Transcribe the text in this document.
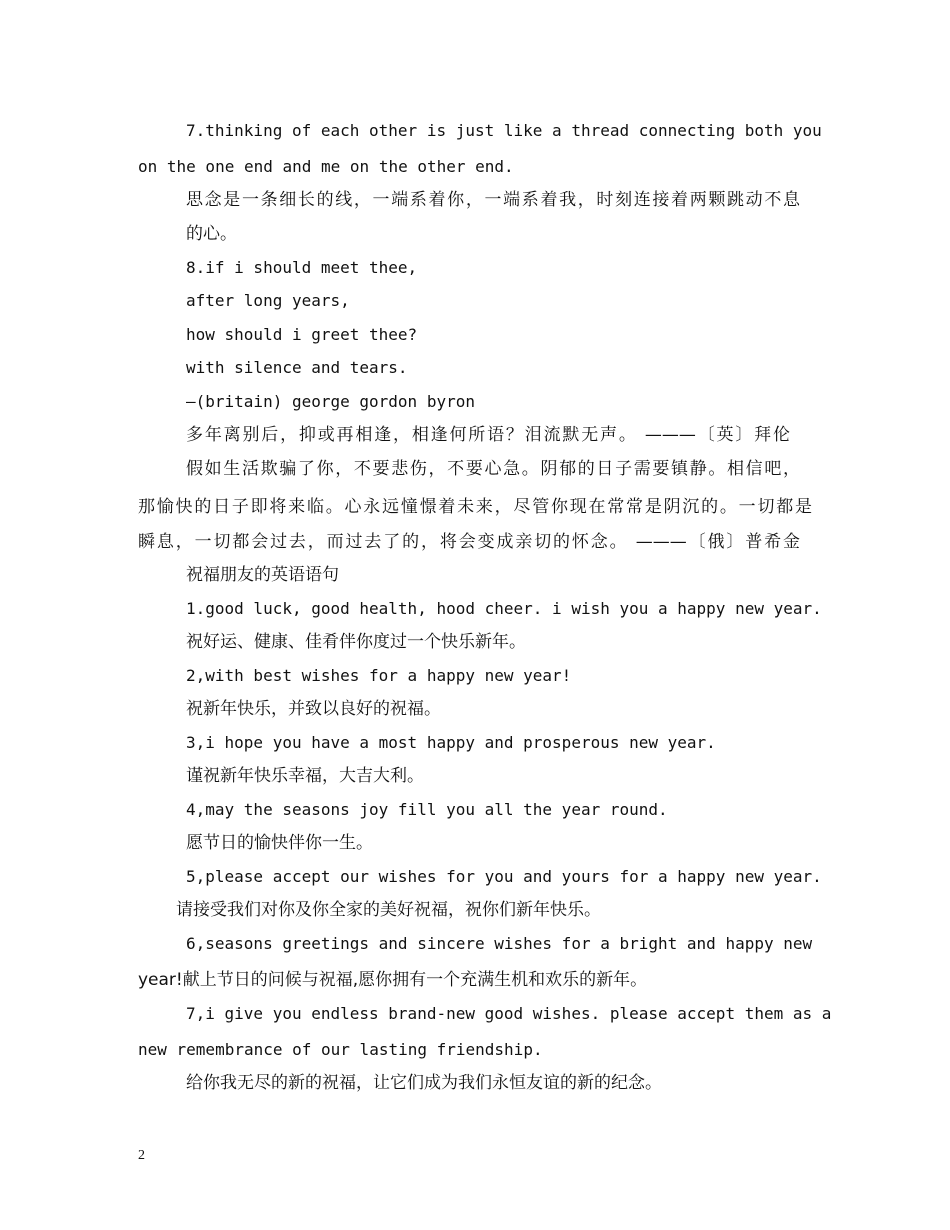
7.thinking of each other is just like a thread connecting both you
on the one end and me on the other end.
思念是一条细长的线，一端系着你，一端系着我，时刻连接着两颗跳动不息
的心。
8.if i should meet thee,
after long years,
how should i greet thee?
with silence and tears.
—(britain) george gordon byron
多年离别后，抑或再相逢，相逢何所语？泪流默无声。 ———〔英〕拜伦
假如生活欺骗了你，不要悲伤，不要心急。阴郁的日子需要镇静。相信吧，
那愉快的日子即将来临。心永远憧憬着未来，尽管你现在常常是阴沉的。一切都是
瞬息，一切都会过去，而过去了的，将会变成亲切的怀念。 ———〔俄〕普希金
祝福朋友的英语语句
1.good luck, good health, hood cheer. i wish you a happy new year.
祝好运、健康、佳肴伴你度过一个快乐新年。
2,with best wishes for a happy new year!
祝新年快乐，并致以良好的祝福。
3,i hope you have a most happy and prosperous new year.
谨祝新年快乐幸福，大吉大利。
4,may the seasons joy fill you all the year round.
愿节日的愉快伴你一生。
5,please accept our wishes for you and yours for a happy new year.
请接受我们对你及你全家的美好祝福，祝你们新年快乐。
6,seasons greetings and sincere wishes for a bright and happy new
year!献上节日的问候与祝福,愿你拥有一个充满生机和欢乐的新年。
7,i give you endless brand-new good wishes. please accept them as a
new remembrance of our lasting friendship.
给你我无尽的新的祝福，让它们成为我们永恒友谊的新的纪念。
2
